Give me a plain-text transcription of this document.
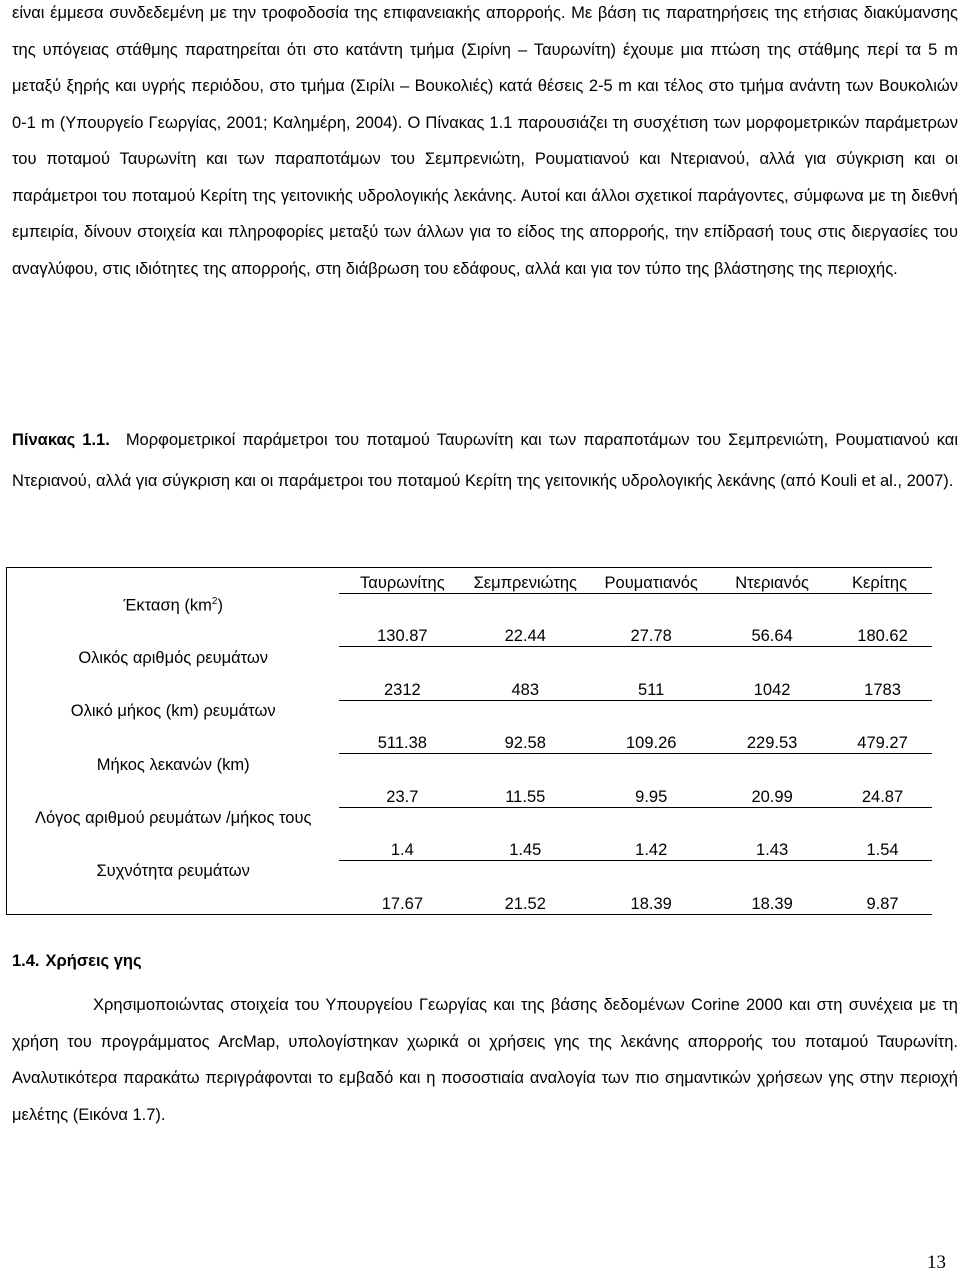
είναι έμμεσα συνδεδεμένη με την τροφοδοσία της επιφανειακής απορροής. Με βάση τις παρατηρήσεις της ετήσιας διακύμανσης της υπόγειας στάθμης παρατηρείται ότι στο κατάντη τμήμα (Σιρίνη – Ταυρωνίτη) έχουμε μια πτώση της στάθμης περί τα 5 m μεταξύ ξηρής και υγρής περιόδου, στο τμήμα (Σιρίλι – Βουκολιές) κατά θέσεις 2-5 m και τέλος στο τμήμα ανάντη των Βουκολιών 0-1 m (Υπουργείο Γεωργίας, 2001; Καλημέρη, 2004). Ο Πίνακας 1.1 παρουσιάζει τη συσχέτιση των μορφομετρικών παράμετρων του ποταμού Ταυρωνίτη και των παραποτάμων του Σεμπρενιώτη, Ρουματιανού και Ντεριανού, αλλά για σύγκριση και οι παράμετροι του ποταμού Κερίτη της γειτονικής υδρολογικής λεκάνης. Αυτοί και άλλοι σχετικοί παράγοντες, σύμφωνα με τη διεθνή εμπειρία, δίνουν στοιχεία και πληροφορίες μεταξύ των άλλων για το είδος της απορροής, την επίδρασή τους στις διεργασίες του αναγλύφου, στις ιδιότητες της απορροής, στη διάβρωση του εδάφους, αλλά και για τον τύπο της βλάστησης της περιοχής.

Πίνακας 1.1. Μορφομετρικοί παράμετροι του ποταμού Ταυρωνίτη και των παραποτάμων του Σεμπρενιώτη, Ρουματιανού και Ντεριανού, αλλά για σύγκριση και οι παράμετροι του ποταμού Κερίτη της γειτονικής υδρολογικής λεκάνης (από Kouli et al., 2007).

	Ταυρωνίτης	Σεμπρενιώτης	Ρουματιανός	Ντεριανός	Κερίτης
Έκταση $(km^2)$	130.87	22.44	27.78	56.64	180.62
Ολικός αριθμός ρευμάτων	2312	483	511	1042	1783
Ολικό μήκος (km) ρευμάτων	511.38	92.58	109.26	229.53	479.27
Μήκος λεκανών (km)	23.7	11.55	9.95	20.99	24.87
Λόγος αριθμού ρευμάτων /μήκος τους	1.4	1.45	1.42	1.43	1.54
Συχνότητα ρευμάτων	17.67	21.52	18.39	18.39	9.87
1.4. Χρήσεις γης

Χρησιμοποιώντας στοιχεία του Υπουργείου Γεωργίας και της βάσης δεδομένων Corine 2000 και στη συνέχεια με τη χρήση του προγράμματος ArcMap, υπολογίστηκαν χωρικά οι χρήσεις γης της λεκάνης απορροής του ποταμού Ταυρωνίτη. Αναλυτικότερα παρακάτω περιγράφονται το εμβαδό και η ποσοστιαία αναλογία των πιο σημαντικών χρήσεων γης στην περιοχή μελέτης (Εικόνα 1.7).

13
